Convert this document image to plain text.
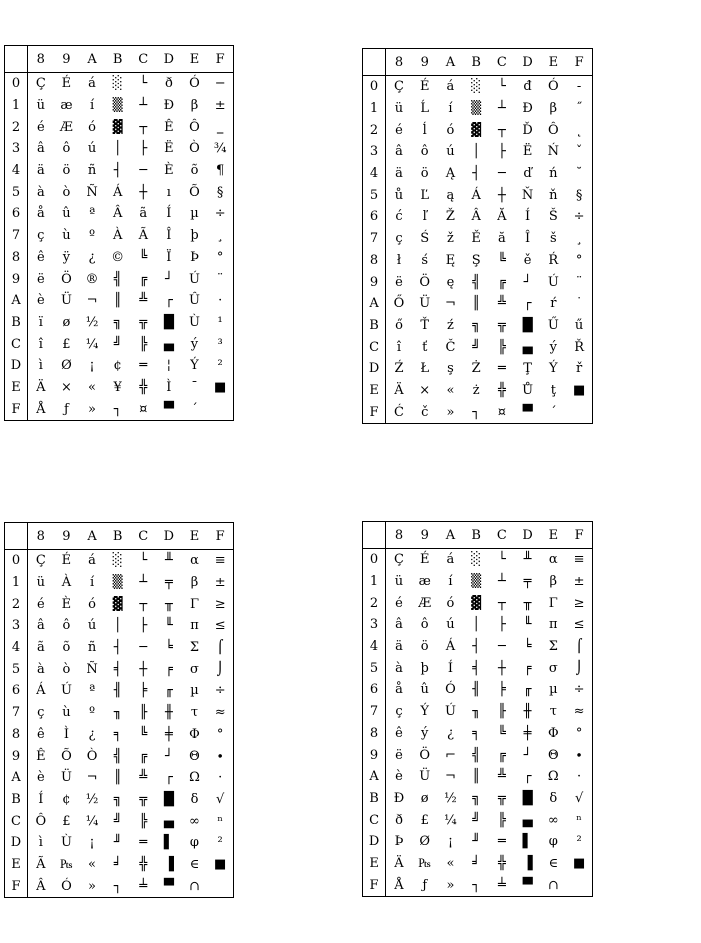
	8	9	A	B	C	D	E	F
0	Ç	É	á	░	└	ð	Ó	−
1	ü	æ	í	▒	┴	Ð	β	±
2	é	Æ	ó	▓	┬	Ê	Ô	‗
3	â	ô	ú	│	├	Ë	Ò	¾
4	ä	ö	ñ	┤	─	È	õ	¶
5	à	ò	Ñ	Á	┼	ı	Õ	§
6	å	û	ª	Â	ã	Í	µ	÷
7	ç	ù	º	À	Ã	Î	þ	¸
8	ê	ÿ	¿	©	╚	Ï	Þ	°
9	ë	Ö	®	╣	╔	┘	Ú	¨
A	è	Ü	¬	║	╩	┌	Û	·
B	ï	ø	½	╗	╦	█	Ù	¹
C	î	£	¼	╝	╠	▄	ý	³
D	ì	Ø	¡	¢	═	¦	Ý	²
E	Ä	×	«	¥	╬	Ì	¯	■
F	Å	ƒ	»	┐	¤	▀	´	
	8	9	A	B	C	D	E	F
0	Ç	É	á	░	└	đ	Ó	-
1	ü	Ĺ	í	▒	┴	Đ	β	˝
2	é	ĺ	ó	▓	┬	Ď	Ô	˛
3	â	ô	ú	│	├	Ë	Ń	ˇ
4	ä	ö	Ą	┤	─	ď	ń	˘
5	ů	Ľ	ą	Á	┼	Ň	ň	§
6	ć	ľ	Ž	Â	Ă	Í	Š	÷
7	ç	Ś	ž	Ě	ă	Î	š	¸
8	ł	ś	Ę	Ş	╚	ě	Ŕ	°
9	ë	Ö	ę	╣	╔	┘	Ú	¨
A	Ő	Ü	¬	║	╩	┌	ŕ	˙
B	ő	Ť	ź	╗	╦	█	Ű	ű
C	î	ť	Č	╝	╠	▄	ý	Ř
D	Ź	Ł	ş	Ż	═	Ţ	Ý	ř
E	Ä	×	«	ż	╬	Ů	ţ	■
F	Ć	č	»	┐	¤	▀	´	
	8	9	A	B	C	D	E	F
0	Ç	É	á	░	└	╨	α	≡
1	ü	À	í	▒	┴	╤	β	±
2	é	È	ó	▓	┬	╥	Γ	≥
3	â	ô	ú	│	├	╙	π	≤
4	ã	õ	ñ	┤	─	╘	Σ	⌠
5	à	ò	Ñ	╡	┼	╒	σ	⌡
6	Á	Ú	ª	╢	╞	╓	µ	÷
7	ç	ù	º	╖	╟	╫	τ	≈
8	ê	Ì	¿	╕	╚	╪	Φ	°
9	Ê	Õ	Ò	╣	╔	┘	Θ	∙
A	è	Ü	¬	║	╩	┌	Ω	·
B	Í	¢	½	╗	╦	█	δ	√
C	Ô	£	¼	╝	╠	▄	∞	ⁿ
D	ì	Ù	¡	╜	═	▌	φ	²
E	Ã	₧	«	╛	╬	▐	∈	■
F	Â	Ó	»	┐	╧	▀	∩	
	8	9	A	B	C	D	E	F
0	Ç	É	á	░	└	╨	α	≡
1	ü	æ	í	▒	┴	╤	β	±
2	é	Æ	ó	▓	┬	╥	Γ	≥
3	â	ô	ú	│	├	╙	π	≤
4	ä	ö	Á	┤	─	╘	Σ	⌠
5	à	þ	Í	╡	┼	╒	σ	⌡
6	å	û	Ó	╢	╞	╓	µ	÷
7	ç	Ý	Ú	╖	╟	╫	τ	≈
8	ê	ý	¿	╕	╚	╪	Φ	°
9	ë	Ö	⌐	╣	╔	┘	Θ	∙
A	è	Ü	¬	║	╩	┌	Ω	·
B	Ð	ø	½	╗	╦	█	δ	√
C	ð	£	¼	╝	╠	▄	∞	ⁿ
D	Þ	Ø	¡	╜	═	▌	φ	²
E	Ä	₧	«	╛	╬	▐	∈	■
F	Å	ƒ	»	┐	╧	▀	∩	
